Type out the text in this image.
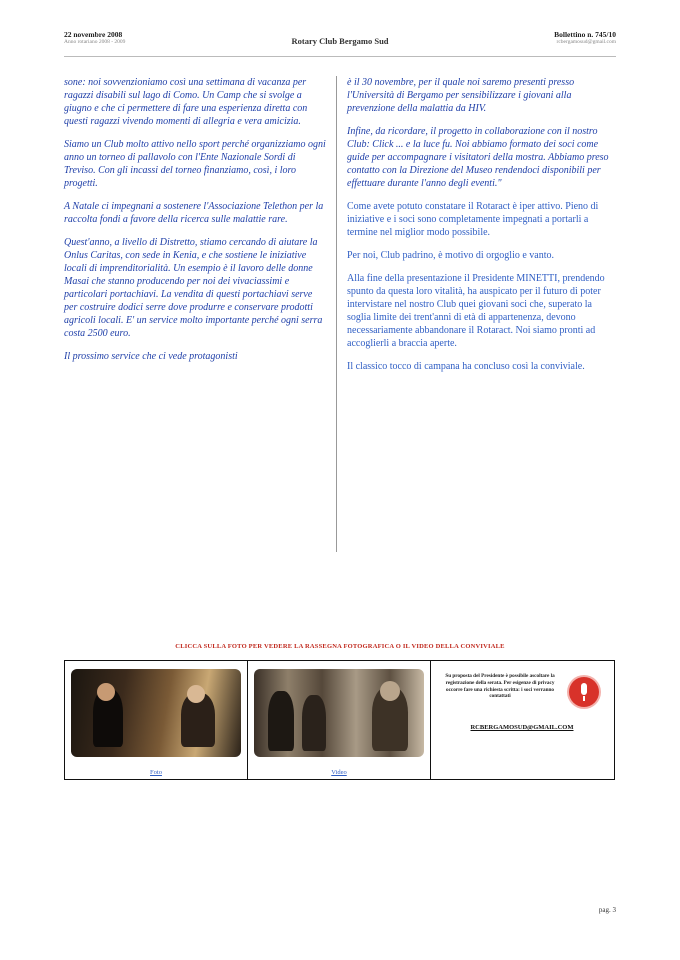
22 novembre 2008
Anno rotariano 2008 - 2009	Rotary Club Bergamo Sud
Bollettino n. 745/10
rcbergamosud@gmail.com

sone: noi sovvenzioniamo così una settimana di vacanza per ragazzi disabili sul lago di Como. Un Camp che si svolge a giugno e che ci permettere di fare una esperienza diretta con questi ragazzi vivendo momenti di allegria e vera amicizia.

Siamo un Club molto attivo nello sport perché organizziamo ogni anno un torneo di pallavolo con l'Ente Nazionale Sordi di Treviso. Con gli incassi del torneo finanziamo, così, i loro progetti.

A Natale ci impegnani a sostenere l'Associazione Telethon per la raccolta fondi a favore della ricerca sulle malattie rare.

Quest'anno, a livello di Distretto, stiamo cercando di aiutare la Onlus Caritas, con sede in Kenia, e che sostiene le iniziative locali di imprenditorialità. Un esempio è il lavoro delle donne Masai che stanno producendo per noi dei vivaciassimi e particolari portachiavi. La vendita di questi portachiavi serve per costruire dodici serre dove produrre e conservare prodotti agricoli locali. E' un service molto importante perché ogni serra costa 2500 euro.

Il prossimo service che ci vede protagonisti

è il 30 novembre, per il quale noi saremo presenti presso l'Università di Bergamo per sensibilizzare i giovani alla prevenzione della malattia da HIV.

Infine, da ricordare, il progetto in collaborazione con il nostro Club: Click ... e la luce fu. Noi abbiamo formato dei soci come guide per accompagnare i visitatori della mostra. Abbiamo preso contatto con la Direzione del Museo rendendoci disponibili per effettuare durante l'anno degli eventi."

Come avete potuto constatare il Rotaract è iper attivo. Pieno di iniziative e i soci sono completamente impegnati a portarli a termine nel miglior modo possibile.

Per noi, Club padrino, è motivo di orgoglio e vanto.

Alla fine della presentazione il Presidente MINETTI, prendendo spunto da questa loro vitalità, ha auspicato per il futuro di poter intervistare nel nostro Club quei giovani soci che, superato la soglia limite dei trent'anni di età di appartenenza, devono necessariamente abbandonare il Rotaract. Noi siamo pronti ad accoglierli a braccia aperte.

Il classico tocco di campana ha concluso così la conviviale.

CLICCA SULLA FOTO PER VEDERE LA RASSEGNA FOTOGRAFICA O IL VIDEO DELLA CONVIVIALE
Foto	Video
Su proposta del Presidente è possibile ascoltare la registrazione della serata. Per esigenze di privacy occorre fare una richiesta scritta: i soci verranno contattati
RCBERGAMOSUD@GMAIL.COM
pag. 3
